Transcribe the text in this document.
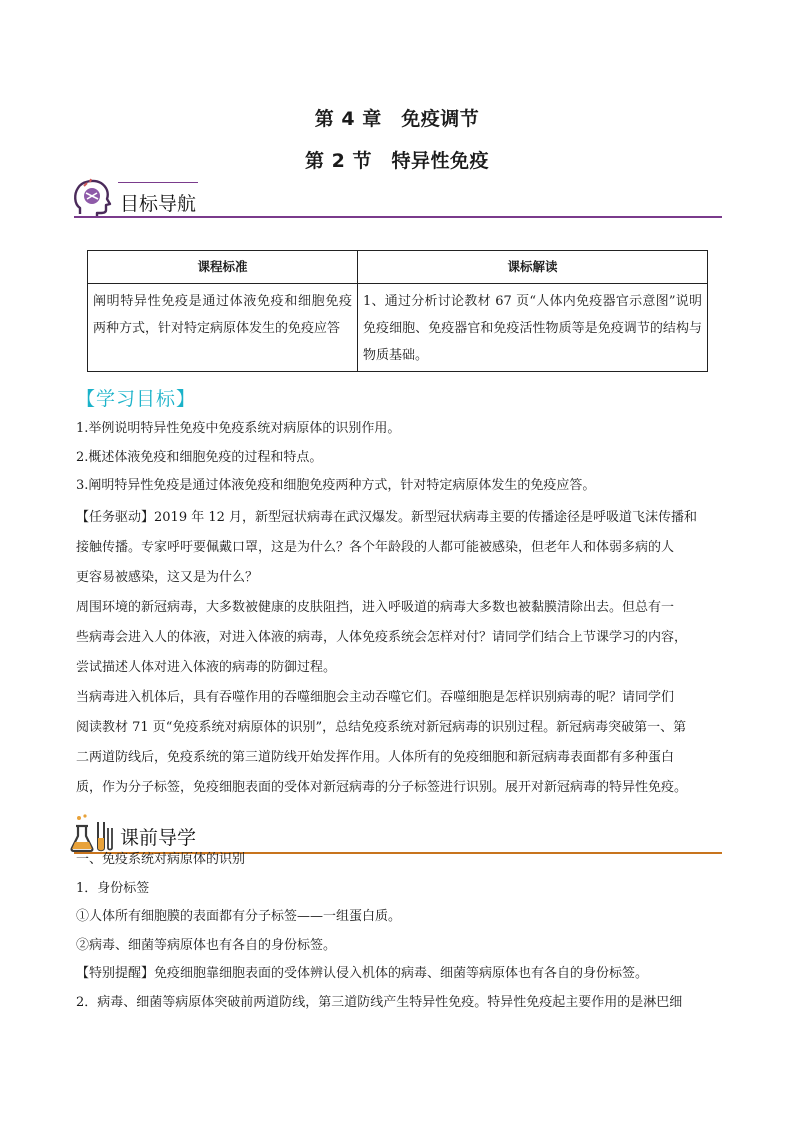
第 4 章　免疫调节
第 2 节　特异性免疫
目标导航
课程标准	课标解读
阐明特异性免疫是通过体液免疫和细胞免疫两种方式，针对特定病原体发生的免疫应答	1、通过分析讨论教材 67 页“人体内免疫器官示意图”说明免疫细胞、免疫器官和免疫活性物质等是免疫调节的结构与物质基础。
【学习目标】
1.举例说明特异性免疫中免疫系统对病原体的识别作用。
2.概述体液免疫和细胞免疫的过程和特点。
3.阐明特异性免疫是通过体液免疫和细胞免疫两种方式，针对特定病原体发生的免疫应答。
【任务驱动】2019 年 12 月，新型冠状病毒在武汉爆发。新型冠状病毒主要的传播途径是呼吸道飞沫传播和
接触传播。专家呼吁要佩戴口罩，这是为什么？各个年龄段的人都可能被感染，但老年人和体弱多病的人
更容易被感染，这又是为什么？
周围环境的新冠病毒，大多数被健康的皮肤阻挡，进入呼吸道的病毒大多数也被黏膜清除出去。但总有一
些病毒会进入人的体液，对进入体液的病毒，人体免疫系统会怎样对付？请同学们结合上节课学习的内容，
尝试描述人体对进入体液的病毒的防御过程。
当病毒进入机体后，具有吞噬作用的吞噬细胞会主动吞噬它们。吞噬细胞是怎样识别病毒的呢？请同学们
阅读教材 71 页“免疫系统对病原体的识别”，总结免疫系统对新冠病毒的识别过程。新冠病毒突破第一、第
二两道防线后，免疫系统的第三道防线开始发挥作用。人体所有的免疫细胞和新冠病毒表面都有多种蛋白
质，作为分子标签，免疫细胞表面的受体对新冠病毒的分子标签进行识别。展开对新冠病毒的特异性免疫。
课前导学
一、免疫系统对病原体的识别
1．身份标签
①人体所有细胞膜的表面都有分子标签——一组蛋白质。
②病毒、细菌等病原体也有各自的身份标签。
【特别提醒】免疫细胞靠细胞表面的受体辨认侵入机体的病毒、细菌等病原体也有各自的身份标签。
2．病毒、细菌等病原体突破前两道防线，第三道防线产生特异性免疫。特异性免疫起主要作用的是淋巴细
